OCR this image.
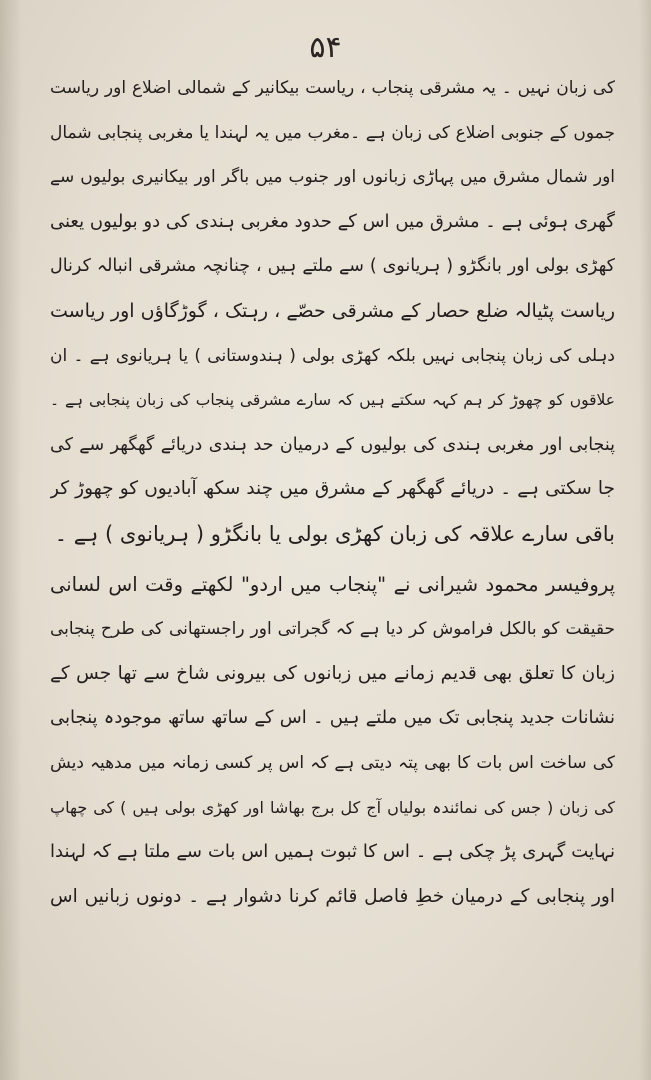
۵۴
کی زبان نہیں ۔ یہ مشرقی پنجاب ، ریاست بیکانیر کے شمالی اضلاع اور ریاست
جموں کے جنوبی اضلاع کی زبان ہے ۔مغرب میں یہ لہندا یا مغربی پنجابی شمال
اور شمال مشرق میں پہاڑی زبانوں اور جنوب میں باگر اور بیکانیری بولیوں سے
گھری ہوئی ہے ۔ مشرق میں اس کے حدود مغربی ہندی کی دو بولیوں یعنی
کھڑی بولی اور بانگڑو ( ہریانوی ) سے ملتے ہیں ، چنانچہ مشرقی انبالہ کرنال
ریاست پٹیالہ ضلع حصار کے مشرقی حصّے ، رہتک ، گوڑگاؤں اور ریاست
دہلی کی زبان پنجابی نہیں بلکہ کھڑی بولی ( ہندوستانی ) یا ہریانوی ہے ۔ ان
علاقوں کو چھوڑ کر ہم کہہ سکتے ہیں کہ سارے مشرقی پنجاب کی زبان پنجابی ہے ۔
پنجابی اور مغربی ہندی کی بولیوں کے درمیان حد ہندی دریائے گھگھر سے کی
جا سکتی ہے ۔ دریائے گھگھر کے مشرق میں چند سکھ آبادیوں کو چھوڑ کر
باقی سارے علاقہ کی زبان کھڑی بولی یا بانگڑو ( ہریانوی ) ہے ۔
پروفیسر محمود شیرانی نے "پنجاب میں اردو" لکھتے وقت اس لسانی
حقیقت کو بالکل فراموش کر دیا ہے کہ گجراتی اور راجستھانی کی طرح پنجابی
زبان کا تعلق بھی قدیم زمانے میں زبانوں کی بیرونی شاخ سے تھا جس کے
نشانات جدید پنجابی تک میں ملتے ہیں ۔ اس کے ساتھ ساتھ موجودہ پنجابی
کی ساخت اس بات کا بھی پتہ دیتی ہے کہ اس پر کسی زمانہ میں مدھیہ دیش
کی زبان ( جس کی نمائندہ بولیاں آج کل برج بھاشا اور کھڑی بولی ہیں ) کی چھاپ
نہایت گہری پڑ چکی ہے ۔ اس کا ثبوت ہمیں اس بات سے ملتا ہے کہ لہندا
اور پنجابی کے درمیان خطِ فاصل قائم کرنا دشوار ہے ۔ دونوں زبانیں اس
